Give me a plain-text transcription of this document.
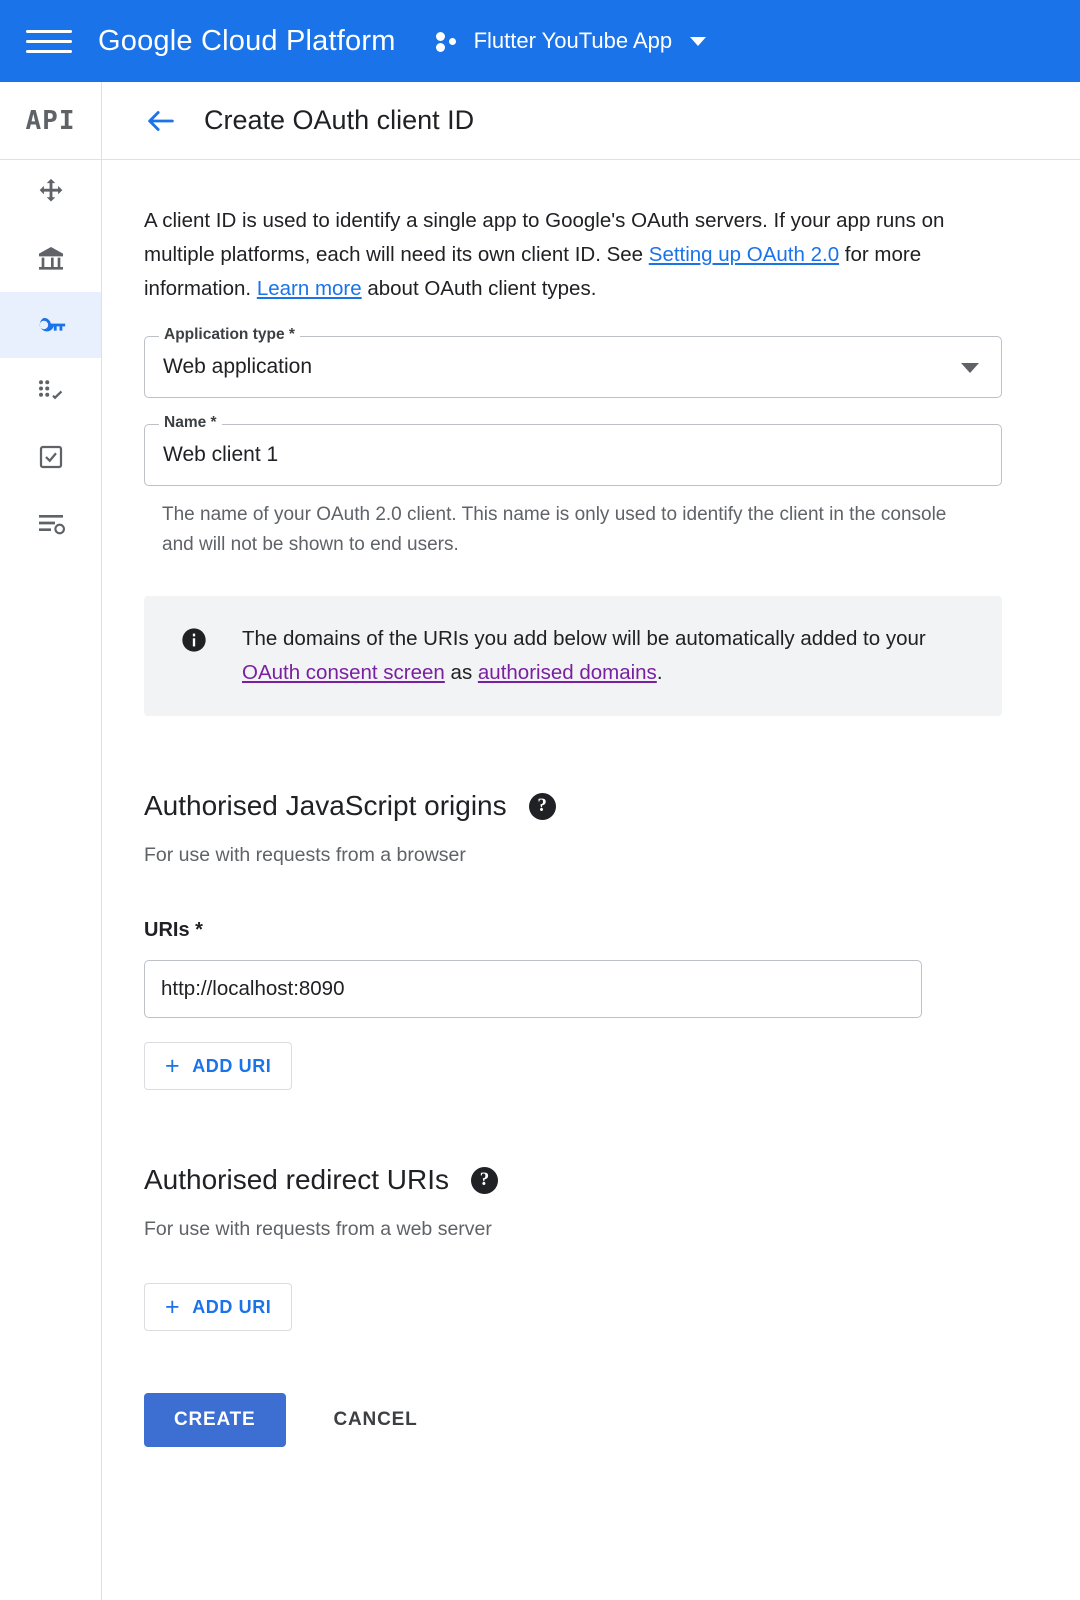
Google Cloud Platform	Flutter YouTube App
API	Create OAuth client ID

A client ID is used to identify a single app to Google's OAuth servers. If your app runs on multiple platforms, each will need its own client ID. See Setting up OAuth 2.0 for more information. Learn more about OAuth client types.

Application type *
Web application
Name *
Web client 1
The name of your OAuth 2.0 client. This name is only used to identify the client in the console and will not be shown to end users.
The domains of the URIs you add below will be automatically added to your OAuth consent screen as authorised domains.
Authorised JavaScript origins	?
For use with requests from a browser
URIs *
http://localhost:8090
+ ADD URI
Authorised redirect URIs	?
For use with requests from a web server
+ ADD URI
CREATE	CANCEL
